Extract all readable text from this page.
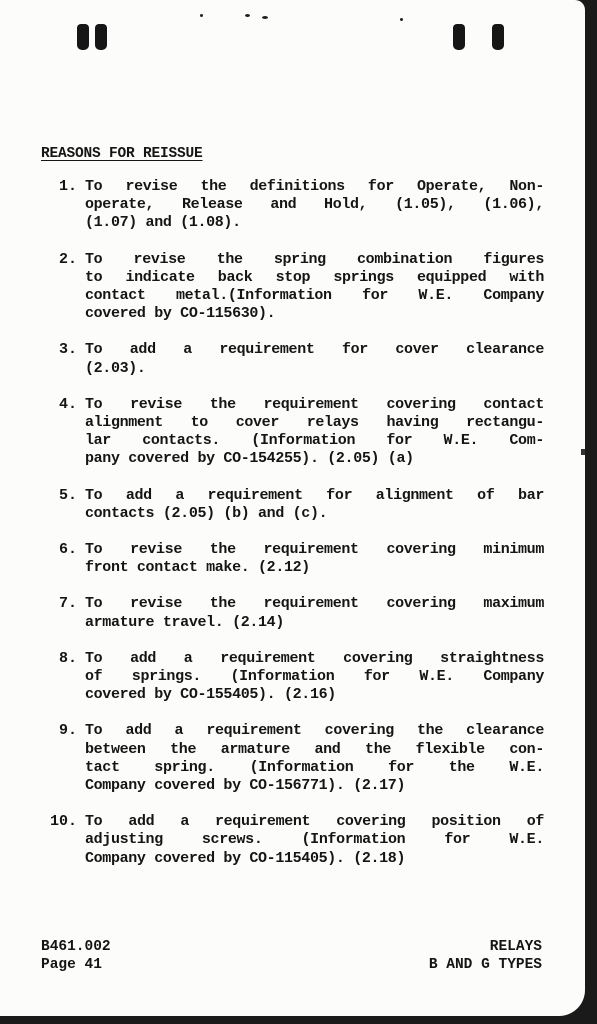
REASONS FOR REISSUE
1. To revise the definitions for Operate, Non-
operate, Release and Hold, (1.05), (1.06),
(1.07) and (1.08).
2. To revise the spring combination figures
to indicate back stop springs equipped with
contact metal.(Information for W.E. Company
covered by CO-115630).
3. To add a requirement for cover clearance
(2.03).
4. To revise the requirement covering contact
alignment to cover relays having rectangu-
lar contacts. (Information for W.E. Com-
pany covered by CO-154255). (2.05) (a)
5. To add a requirement for alignment of bar
contacts (2.05) (b) and (c).
6. To revise the requirement covering minimum
front contact make. (2.12)
7. To revise the requirement covering maximum
armature travel. (2.14)
8. To add a requirement covering straightness
of springs. (Information for W.E. Company
covered by CO-155405). (2.16)
9. To add a requirement covering the clearance
between the armature and the flexible con-
tact spring. (Information for the W.E.
Company covered by CO-156771). (2.17)
10. To add a requirement covering position of
adjusting screws. (Information for W.E.
Company covered by CO-115405). (2.18)
B461.002
Page 41
RELAYS
B AND G TYPES
